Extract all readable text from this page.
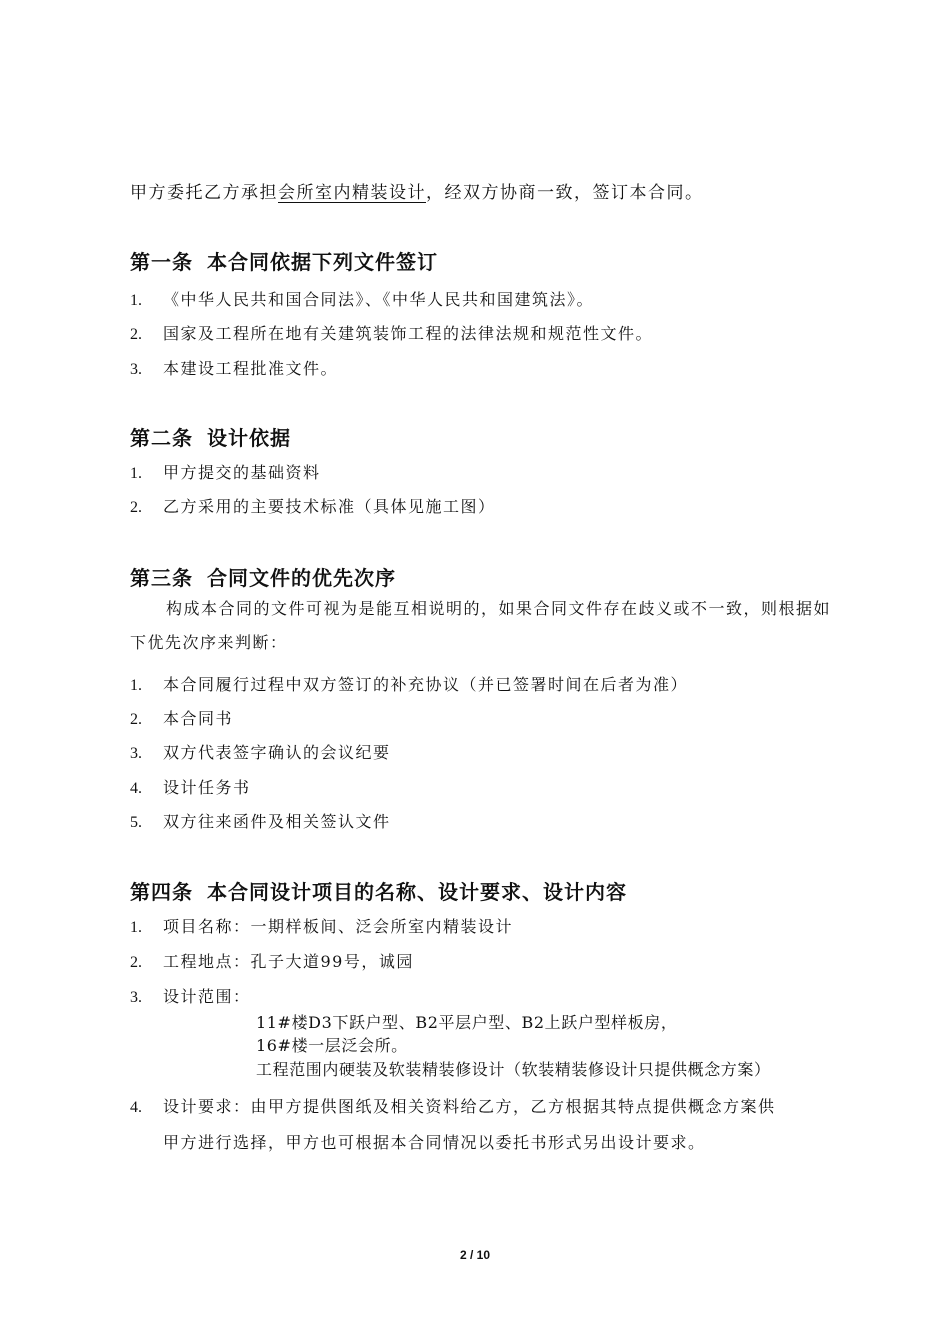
甲方委托乙方承担会所室内精装设计，经双方协商一致，签订本合同。
第一条 本合同依据下列文件签订
1. 《中华人民共和国合同法》、《中华人民共和国建筑法》。
2. 国家及工程所在地有关建筑装饰工程的法律法规和规范性文件。
3. 本建设工程批准文件。
第二条 设计依据
1. 甲方提交的基础资料
2. 乙方采用的主要技术标准（具体见施工图）
第三条 合同文件的优先次序
构成本合同的文件可视为是能互相说明的，如果合同文件存在歧义或不一致，则根据如下优先次序来判断：
1. 本合同履行过程中双方签订的补充协议（并已签署时间在后者为准）
2. 本合同书
3. 双方代表签字确认的会议纪要
4. 设计任务书
5. 双方往来函件及相关签认文件
第四条 本合同设计项目的名称、设计要求、设计内容
1. 项目名称：一期样板间、泛会所室内精装设计
2. 工程地点：孔子大道99号，诚园
3. 设计范围：
11#楼D3下跃户型、B2平层户型、B2上跃户型样板房，
16#楼一层泛会所。
工程范围内硬装及软装精装修设计（软装精装修设计只提供概念方案）
4. 设计要求：由甲方提供图纸及相关资料给乙方，乙方根据其特点提供概念方案供
甲方进行选择，甲方也可根据本合同情况以委托书形式另出设计要求。
2 / 10
